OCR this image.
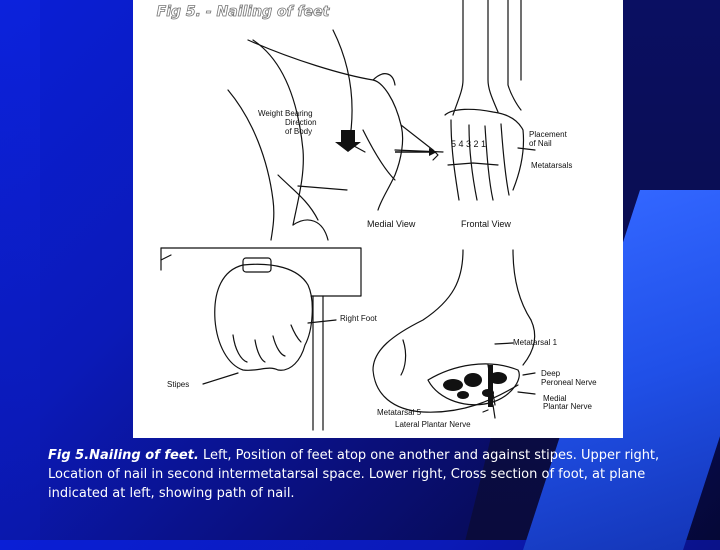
Fig 5. - Nailing of feet
Weight Bearing
Direction
of Body	Placement
of Nail
Metatarsals
5 4 3 2 1
Medial View	Frontal View
Right Foot
Stipes
Metatarsal 1
Deep
Peroneal Nerve
Medial
Plantar Nerve
Metatarsal 5
Lateral Plantar Nerve
Fig 5.Nailing of feet. Left, Position of feet atop one another and against stipes. Upper right, Location of nail in second intermetatarsal space. Lower right, Cross section of foot, at plane indicated at left, showing path of nail.
